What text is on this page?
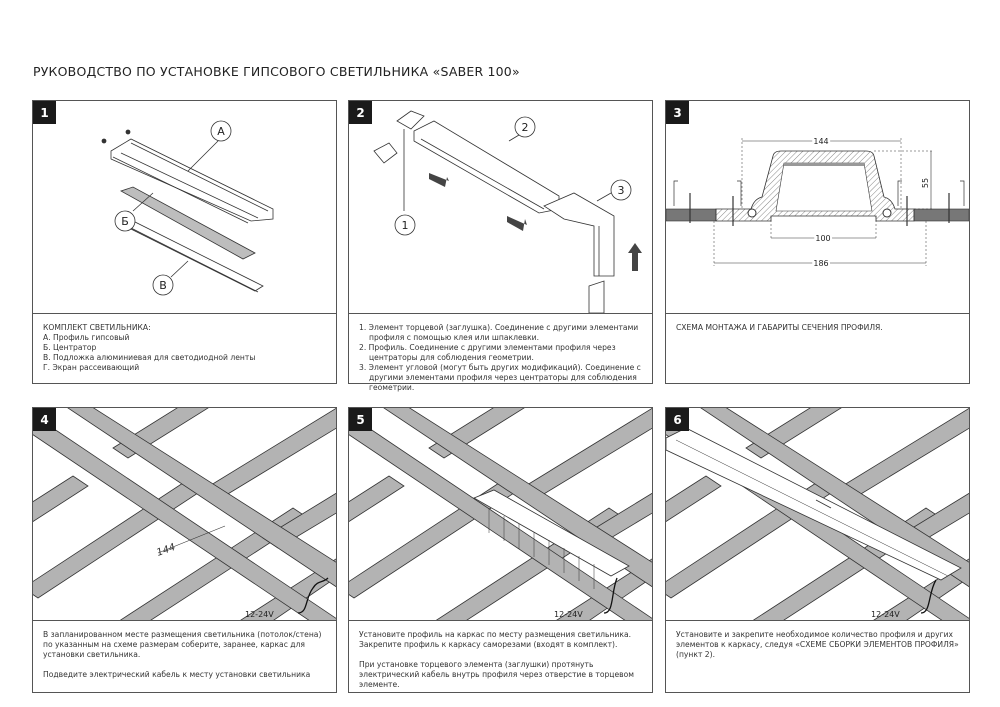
РУКОВОДСТВО ПО УСТАНОВКЕ ГИПСОВОГО СВЕТИЛЬНИКА «SABER 100»
1
А
Б
В

КОМПЛЕКТ СВЕТИЛЬНИКА:

А. Профиль гипсовый

Б. Центратор

В. Подложка алюминиевая для светодиодной ленты

Г. Экран рассеивающий

2
1
2
3

1. Элемент торцевой (заглушка). Соединение с другими элементами профиля с помощью клея или шпаклевки.

2. Профиль. Соединение с другими элементами профиля через центраторы для соблюдения геометрии.

3. Элемент угловой (могут быть других модификаций). Соединение с другими элементами профиля через центраторы для соблюдения геометрии.

3
144
55
100
186

СХЕМА МОНТАЖА И ГАБАРИТЫ СЕЧЕНИЯ ПРОФИЛЯ.

4
144
12-24V

В запланированном месте размещения светильника (потолок/стена) по указанным на схеме размерам соберите, заранее, каркас для установки светильника.

Подведите электрический кабель к месту установки светильника

5
12-24V

Установите профиль на каркас по месту размещения светильника. Закрепите профиль к каркасу саморезами (входят в комплект).

При установке торцевого элемента (заглушки) протянуть электрический кабель внутрь профиля через отверстие в торцевом элементе.

6
12-24V

Установите и закрепите необходимое количество профиля и других элементов к каркасу, следуя «СХЕМЕ СБОРКИ ЭЛЕМЕНТОВ ПРОФИЛЯ» (пункт 2).
